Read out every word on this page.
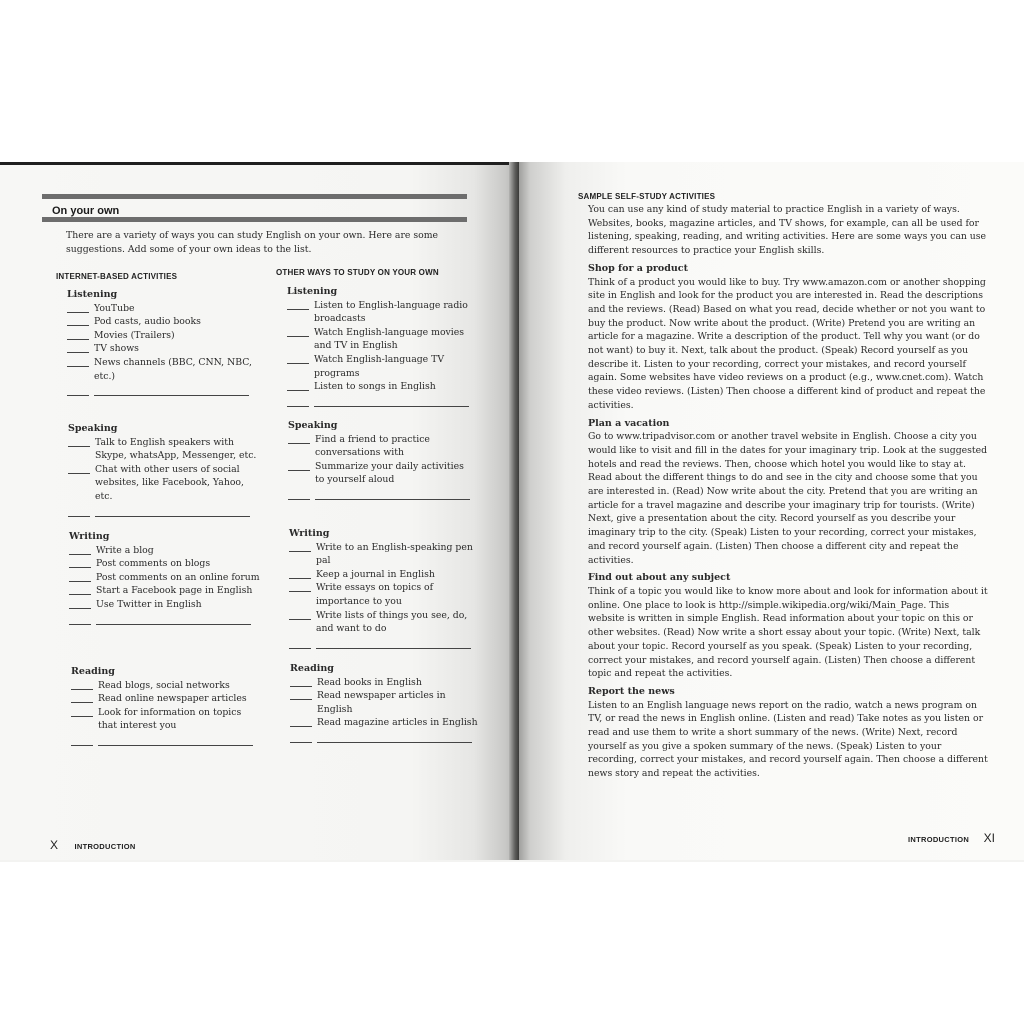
On your own

There are a variety of ways you can study English on your own. Here are some suggestions. Add some of your own ideas to the list.

INTERNET-BASED ACTIVITIES	OTHER WAYS TO STUDY ON YOUR OWN
Listening
YouTube
Pod casts, audio books
Movies (Trailers)
TV shows
News channels (BBC, CNN, NBC, etc.)
Speaking
Talk to English speakers with Skype, whatsApp, Messenger, etc.
Chat with other users of social websites, like Facebook, Yahoo, etc.
Writing
Write a blog
Post comments on blogs
Post comments on an online forum
Start a Facebook page in English
Use Twitter in English
Reading
Read blogs, social networks
Read online newspaper articles
Look for information on topics that interest you
Listening
Listen to English-language radio broadcasts
Watch English-language movies and TV in English
Watch English-language TV programs
Listen to songs in English
Speaking
Find a friend to practice conversations with
Summarize your daily activities to yourself aloud
Writing
Write to an English-speaking pen pal
Keep a journal in English
Write essays on topics of importance to you
Write lists of things you see, do, and want to do
Reading
Read books in English
Read newspaper articles in English
Read magazine articles in English
X INTRODUCTION
SAMPLE SELF-STUDY ACTIVITIES

You can use any kind of study material to practice English in a variety of ways. Websites, books, magazine articles, and TV shows, for example, can all be used for listening, speaking, reading, and writing activities. Here are some ways you can use different resources to practice your English skills.

Shop for a product

Think of a product you would like to buy. Try www.amazon.com or another shopping site in English and look for the product you are interested in. Read the descriptions and the reviews. (Read) Based on what you read, decide whether or not you want to buy the product. Now write about the product. (Write) Pretend you are writing an article for a magazine. Write a description of the product. Tell why you want (or do not want) to buy it. Next, talk about the product. (Speak) Record yourself as you describe it. Listen to your recording, correct your mistakes, and record yourself again. Some websites have video reviews on a product (e.g., www.cnet.com). Watch these video reviews. (Listen) Then choose a different kind of product and repeat the activities.

Plan a vacation

Go to www.tripadvisor.com or another travel website in English. Choose a city you would like to visit and fill in the dates for your imaginary trip. Look at the suggested hotels and read the reviews. Then, choose which hotel you would like to stay at. Read about the different things to do and see in the city and choose some that you are interested in. (Read) Now write about the city. Pretend that you are writing an article for a travel magazine and describe your imaginary trip for tourists. (Write) Next, give a presentation about the city. Record yourself as you describe your imaginary trip to the city. (Speak) Listen to your recording, correct your mistakes, and record yourself again. (Listen) Then choose a different city and repeat the activities.

Find out about any subject

Think of a topic you would like to know more about and look for information about it online. One place to look is http://simple.wikipedia.org/wiki/Main_Page. This website is written in simple English. Read information about your topic on this or other websites. (Read) Now write a short essay about your topic. (Write) Next, talk about your topic. Record yourself as you speak. (Speak) Listen to your recording, correct your mistakes, and record yourself again. (Listen) Then choose a different topic and repeat the activities.

Report the news

Listen to an English language news report on the radio, watch a news program on TV, or read the news in English online. (Listen and read) Take notes as you listen or read and use them to write a short summary of the news. (Write) Next, record yourself as you give a spoken summary of the news. (Speak) Listen to your recording, correct your mistakes, and record yourself again. Then choose a different news story and repeat the activities.

INTRODUCTION XI
